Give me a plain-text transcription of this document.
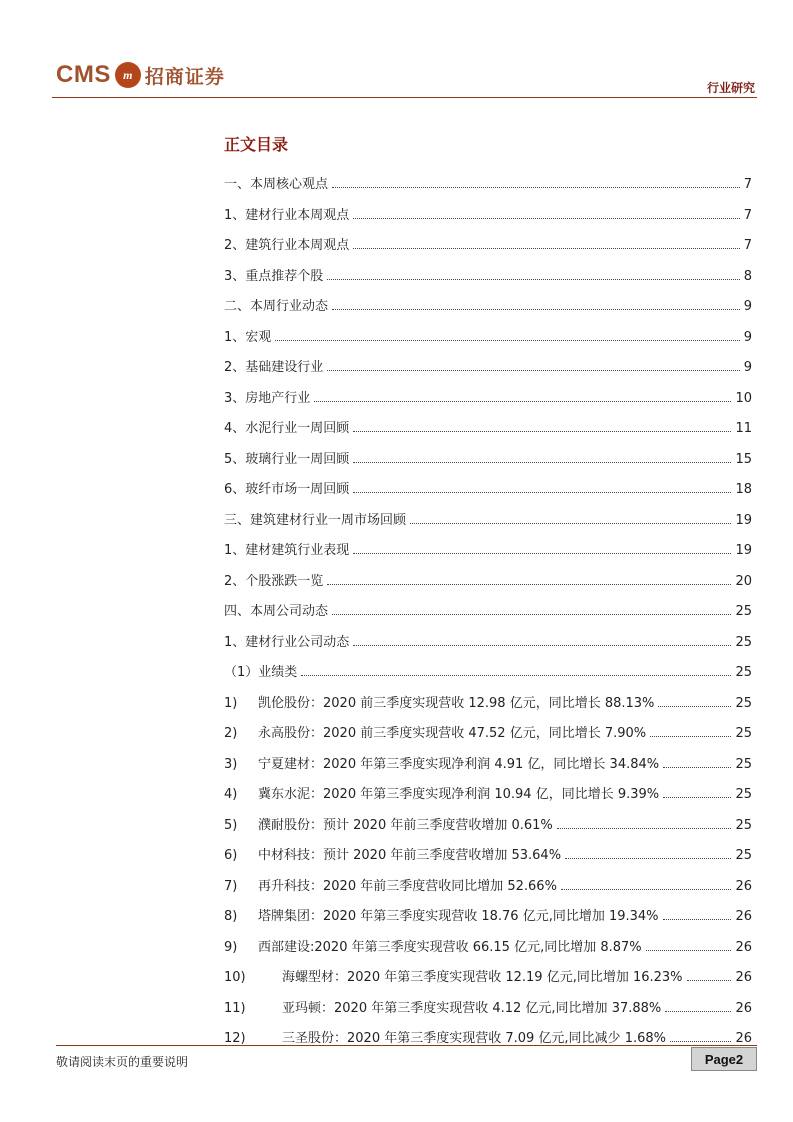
CMS	m 招商证券
行业研究
正文目录
一、本周核心观点	7
1、建材行业本周观点	7
2、建筑行业本周观点	7
3、重点推荐个股	8
二、本周行业动态	9
1、宏观	9
2、基础建设行业	9
3、房地产行业	10
4、水泥行业一周回顾	11
5、玻璃行业一周回顾	15
6、玻纤市场一周回顾	18
三、建筑建材行业一周市场回顾	19
1、建材建筑行业表现	19
2、个股涨跌一览	20
四、本周公司动态	25
1、建材行业公司动态	25
（1）业绩类	25
1) 凯伦股份：2020 前三季度实现营收 12.98 亿元，同比增长 88.13%	25
2) 永高股份：2020 前三季度实现营收 47.52 亿元，同比增长 7.90%	25
3) 宁夏建材：2020 年第三季度实现净利润 4.91 亿，同比增长 34.84%	25
4) 冀东水泥：2020 年第三季度实现净利润 10.94 亿，同比增长 9.39%	25
5) 濮耐股份：预计 2020 年前三季度营收增加 0.61%	25
6) 中材科技：预计 2020 年前三季度营收增加 53.64%	25
7) 再升科技：2020 年前三季度营收同比增加 52.66%	26
8) 塔牌集团：2020 年第三季度实现营收 18.76 亿元,同比增加 19.34%	26
9) 西部建设:2020 年第三季度实现营收 66.15 亿元,同比增加 8.87%	26
10)	海螺型材：2020 年第三季度实现营收 12.19 亿元,同比增加 16.23%	26
11)	亚玛顿：2020 年第三季度实现营收 4.12 亿元,同比增加 37.88%	26
12)	三圣股份：2020 年第三季度实现营收 7.09 亿元,同比减少 1.68%	26
敬请阅读末页的重要说明	Page2
